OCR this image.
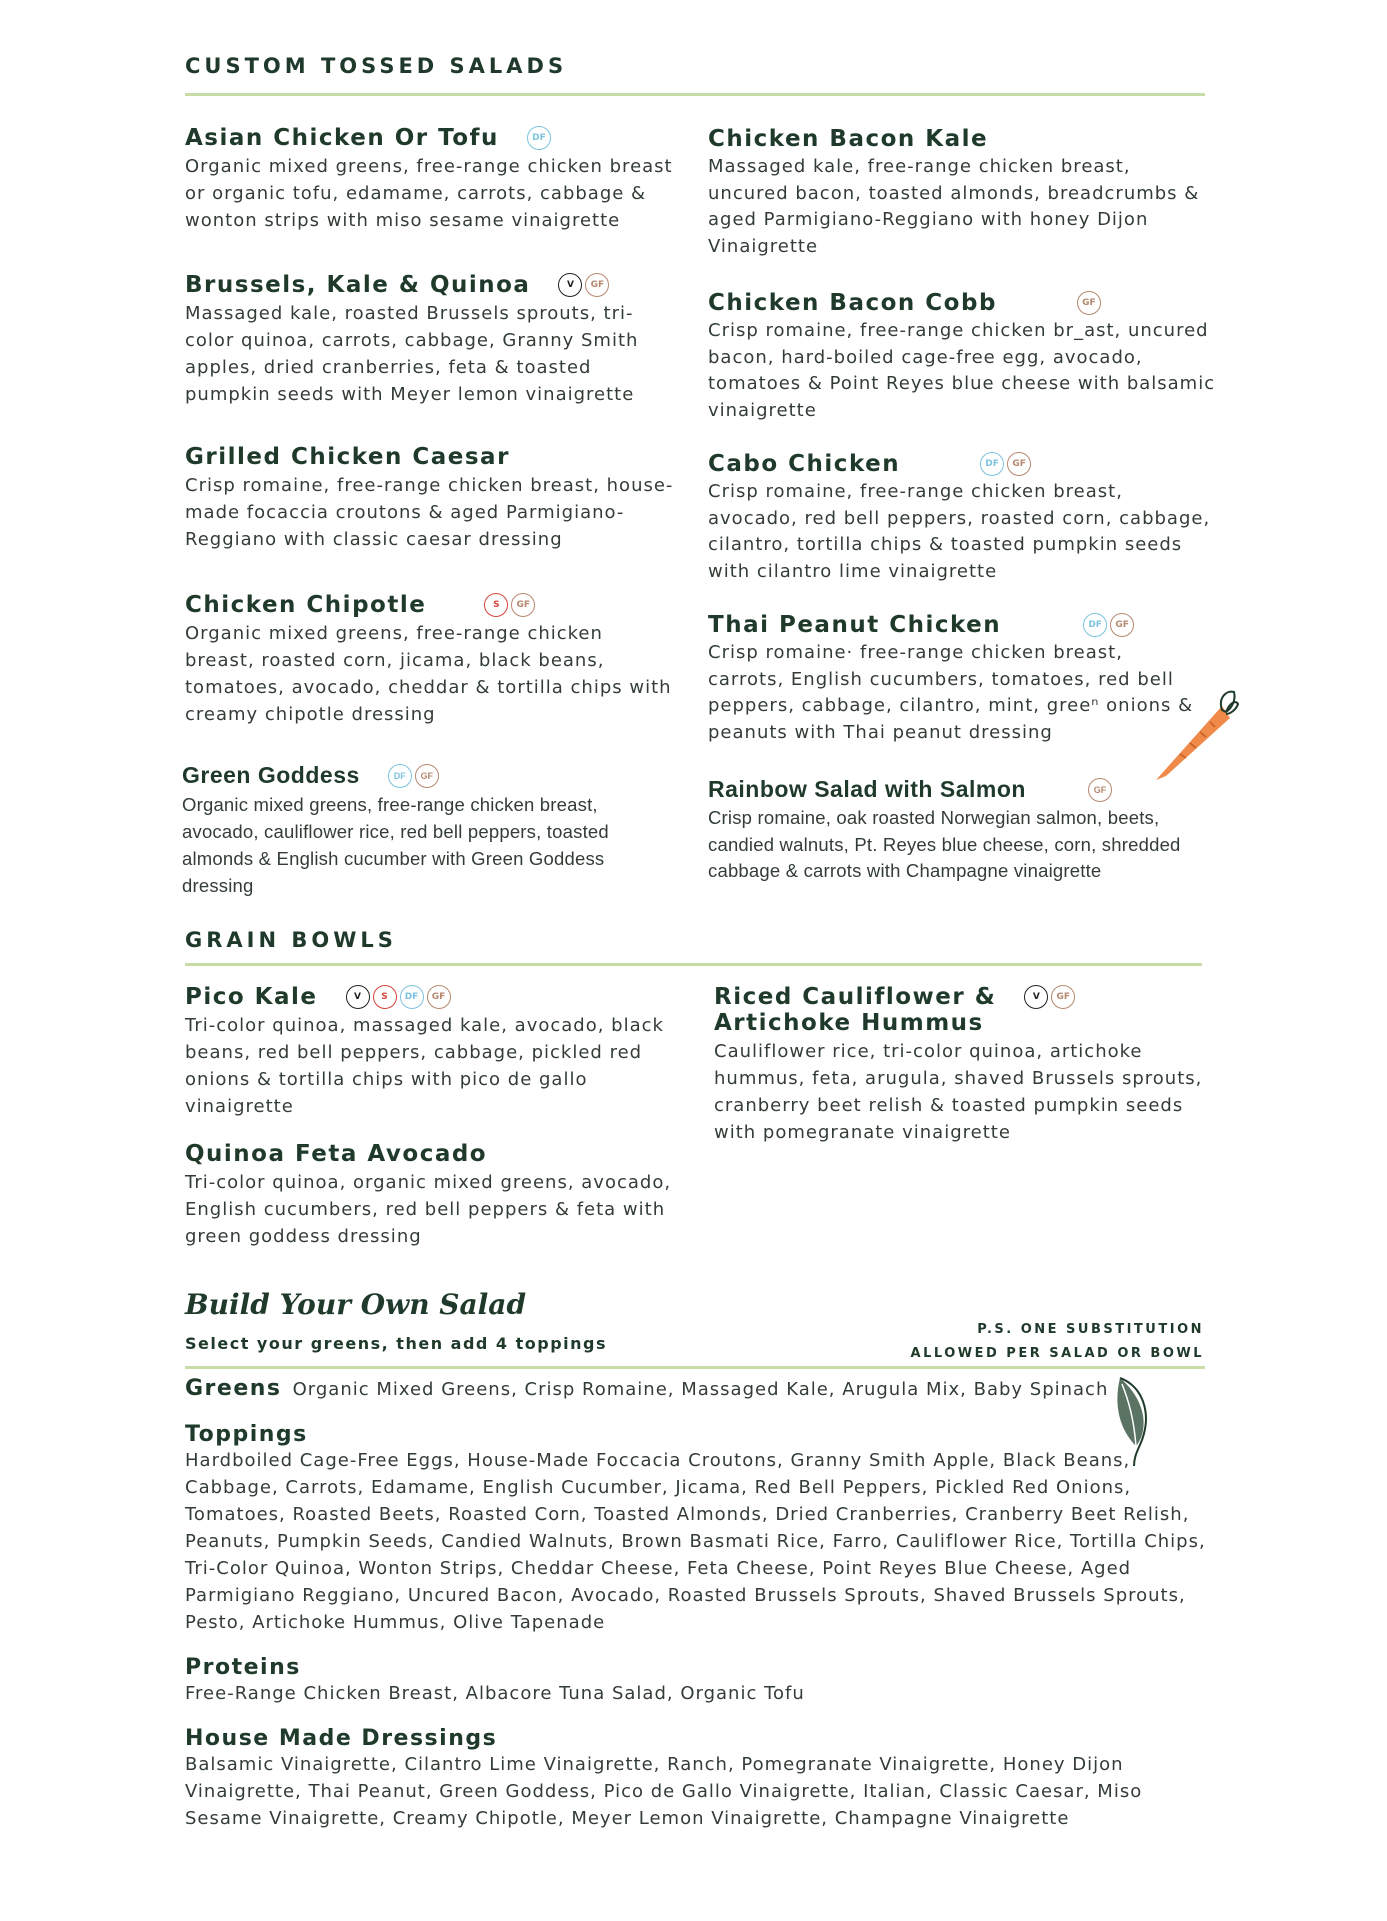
CUSTOM TOSSED SALADS
Asian Chicken Or Tofu	DF
Organic mixed greens, free-range chicken breast or organic tofu, edamame, carrots, cabbage & wonton strips with miso sesame vinaigrette
Brussels, Kale & Quinoa	V	GF
Massaged kale, roasted Brussels sprouts, tri-color quinoa, carrots, cabbage, Granny Smith apples, dried cranberries, feta & toasted pumpkin seeds with Meyer lemon vinaigrette
Grilled Chicken Caesar
Crisp romaine, free-range chicken breast, house-made focaccia croutons & aged Parmigiano-Reggiano with classic caesar dressing
Chicken Chipotle	S	GF
Organic mixed greens, free-range chicken breast, roasted corn, jicama, black beans, tomatoes, avocado, cheddar & tortilla chips with creamy chipotle dressing
Green Goddess	DF	GF
Organic mixed greens, free-range chicken breast, avocado, cauliflower rice, red bell peppers, toasted almonds & English cucumber with Green Goddess dressing
Chicken Bacon Kale
Massaged kale, free-range chicken breast, uncured bacon, toasted almonds, breadcrumbs & aged Parmigiano-Reggiano with honey Dijon Vinaigrette
Chicken Bacon Cobb	GF
Crisp romaine, free-range chicken br_ast, uncured bacon, hard-boiled cage-free egg, avocado, tomatoes & Point Reyes blue cheese with balsamic vinaigrette
Cabo Chicken	DF	GF
Crisp romaine, free-range chicken breast, avocado, red bell peppers, roasted corn, cabbage, cilantro, tortilla chips & toasted pumpkin seeds with cilantro lime vinaigrette
Thai Peanut Chicken	DF	GF
Crisp romaine· free-range chicken breast, carrots, English cucumbers, tomatoes, red bell peppers, cabbage, cilantro, mint, greeⁿ onions & peanuts with Thai peanut dressing
Rainbow Salad with Salmon	GF
Crisp romaine, oak roasted Norwegian salmon, beets, candied walnuts, Pt. Reyes blue cheese, corn, shredded cabbage & carrots with Champagne vinaigrette
GRAIN BOWLS
Pico Kale	V	S	DF	GF
Tri-color quinoa, massaged kale, avocado, black beans, red bell peppers, cabbage, pickled red onions & tortilla chips with pico de gallo vinaigrette
Quinoa Feta Avocado
Tri-color quinoa, organic mixed greens, avocado, English cucumbers, red bell peppers & feta with green goddess dressing
Riced Cauliflower &	V	GF
Artichoke Hummus
Cauliflower rice, tri-color quinoa, artichoke hummus, feta, arugula, shaved Brussels sprouts, cranberry beet relish & toasted pumpkin seeds with pomegranate vinaigrette
Build Your Own Salad
Select your greens, then add 4 toppings
P.S. ONE SUBSTITUTION
ALLOWED PER SALAD OR BOWL
Greens Organic Mixed Greens, Crisp Romaine, Massaged Kale, Arugula Mix, Baby Spinach
Toppings
Hardboiled Cage-Free Eggs, House-Made Foccacia Croutons, Granny Smith Apple, Black Beans, Cabbage, Carrots, Edamame, English Cucumber, Jicama, Red Bell Peppers, Pickled Red Onions, Tomatoes, Roasted Beets, Roasted Corn, Toasted Almonds, Dried Cranberries, Cranberry Beet Relish, Peanuts, Pumpkin Seeds, Candied Walnuts, Brown Basmati Rice, Farro, Cauliflower Rice, Tortilla Chips, Tri-Color Quinoa, Wonton Strips, Cheddar Cheese, Feta Cheese, Point Reyes Blue Cheese, Aged Parmigiano Reggiano, Uncured Bacon, Avocado, Roasted Brussels Sprouts, Shaved Brussels Sprouts, Pesto, Artichoke Hummus, Olive Tapenade
Proteins
Free-Range Chicken Breast, Albacore Tuna Salad, Organic Tofu
House Made Dressings
Balsamic Vinaigrette, Cilantro Lime Vinaigrette, Ranch, Pomegranate Vinaigrette, Honey Dijon Vinaigrette, Thai Peanut, Green Goddess, Pico de Gallo Vinaigrette, Italian, Classic Caesar, Miso Sesame Vinaigrette, Creamy Chipotle, Meyer Lemon Vinaigrette, Champagne Vinaigrette
